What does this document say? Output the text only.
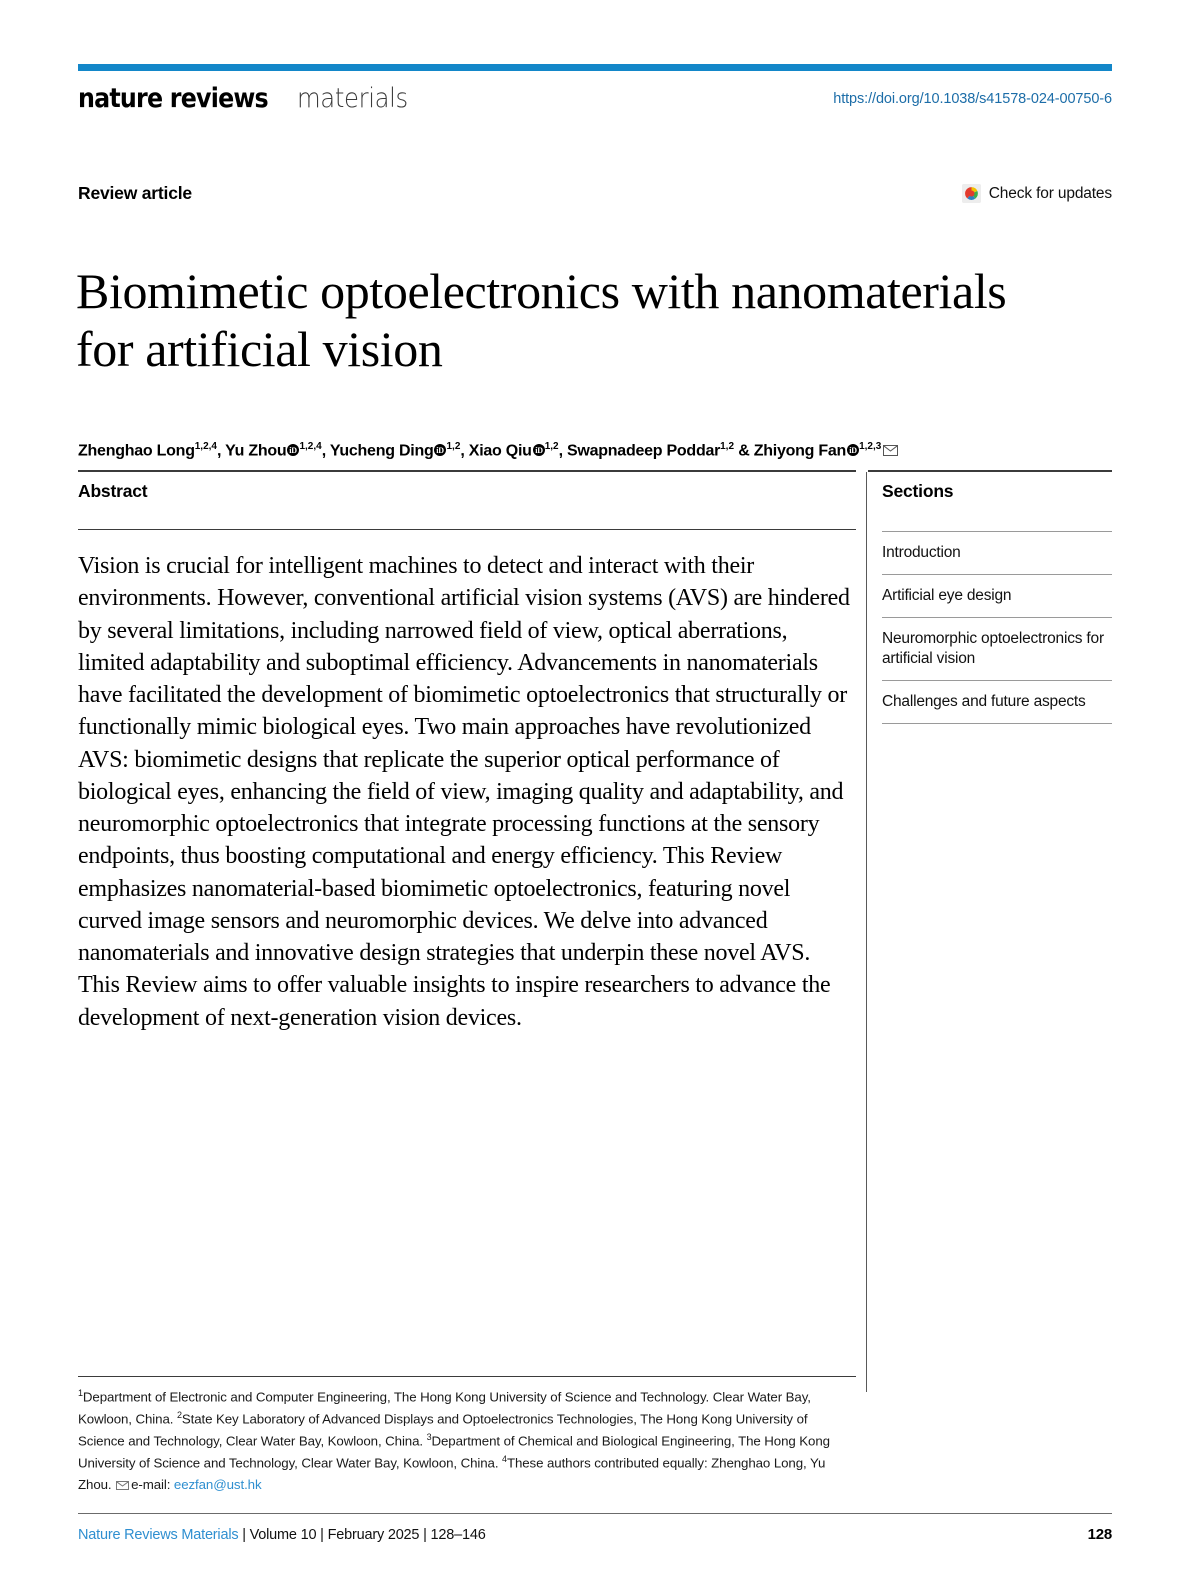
nature reviews materials	https://doi.org/10.1038/s41578-024-00750-6
Review article	Check for updates
Biomimetic optoelectronics with nanomaterials for artificial vision
Zhenghao Long$^{1,2,4}$, Yu Zhou iD $^{1,2,4}$, Yucheng Ding iD $^{1,2}$, Xiao Qiu iD $^{1,2}$, Swapnadeep Poddar$^{1,2}$ & Zhiyong Fan iD $^{1,2,3}$
Abstract
Vision is crucial for intelligent machines to detect and interact with their environments. However, conventional artificial vision systems (AVS) are hindered by several limitations, including narrowed field of view, optical aberrations, limited adaptability and suboptimal efficiency. Advancements in nanomaterials have facilitated the development of biomimetic optoelectronics that structurally or functionally mimic biological eyes. Two main approaches have revolutionized AVS: biomimetic designs that replicate the superior optical performance of biological eyes, enhancing the field of view, imaging quality and adaptability, and neuromorphic optoelectronics that integrate processing functions at the sensory endpoints, thus boosting computational and energy efficiency. This Review emphasizes nanomaterial-based biomimetic optoelectronics, featuring novel curved image sensors and neuromorphic devices. We delve into advanced nanomaterials and innovative design strategies that underpin these novel AVS. This Review aims to offer valuable insights to inspire researchers to advance the development of next-generation vision devices.
Sections
Introduction
Artificial eye design
Neuromorphic optoelectronics for artificial vision
Challenges and future aspects
$^1$Department of Electronic and Computer Engineering, The Hong Kong University of Science and Technology. Clear Water Bay, Kowloon, China. $^2$State Key Laboratory of Advanced Displays and Optoelectronics Technologies, The Hong Kong University of Science and Technology, Clear Water Bay, Kowloon, China. $^3$Department of Chemical and Biological Engineering, The Hong Kong University of Science and Technology, Clear Water Bay, Kowloon, China. $^4$These authors contributed equally: Zhenghao Long, Yu Zhou. e-mail: eezfan@ust.hk
Nature Reviews Materials | Volume 10 | February 2025 | 128–146	128
